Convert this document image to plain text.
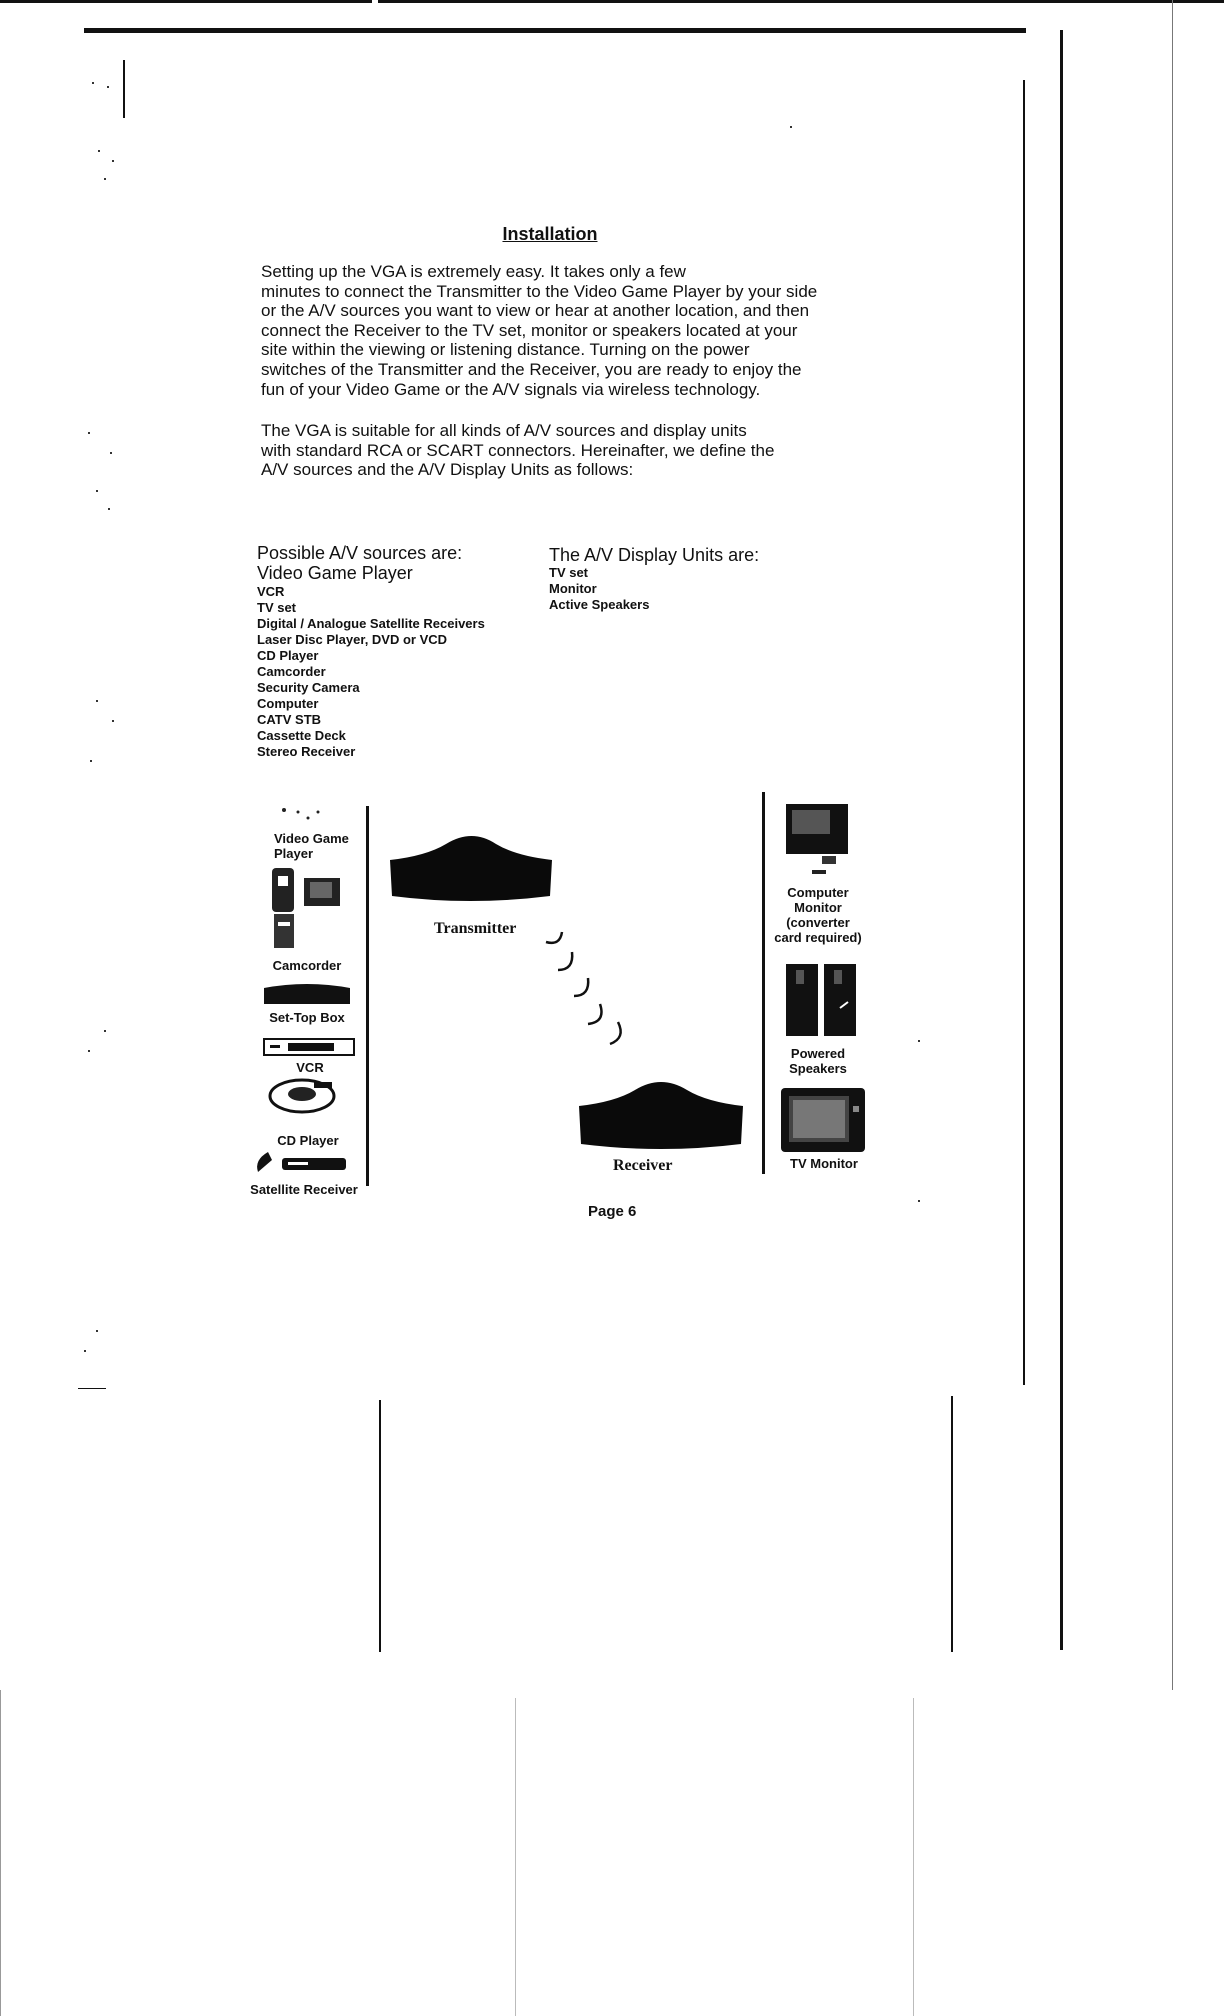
Installation
Setting up the VGA is extremely easy. It takes only a few
minutes to connect the Transmitter to the Video Game Player by your side
or the A/V sources you want to view or hear at another location, and then
connect the Receiver to the TV set, monitor or speakers located at your
site within the viewing or listening distance. Turning on the power
switches of the Transmitter and the Receiver, you are ready to enjoy the
fun of your Video Game or the A/V signals via wireless technology.
The VGA is suitable for all kinds of A/V sources and display units
with standard RCA or SCART connectors. Hereinafter, we define the
A/V sources and the A/V Display Units as follows:
Possible A/V sources are:
Video Game Player
VCR
TV set
Digital / Analogue Satellite Receivers
Laser Disc Player, DVD or VCD
CD Player
Camcorder
Security Camera
Computer
CATV STB
Cassette Deck
Stereo Receiver
The A/V Display Units are:
TV set
Monitor
Active Speakers
Video Game
Player
Camcorder
Set-Top Box
VCR
CD Player
Satellite Receiver
Transmitter
Receiver
Computer
Monitor
(converter
card required)
Powered
Speakers
TV Monitor
Page 6
